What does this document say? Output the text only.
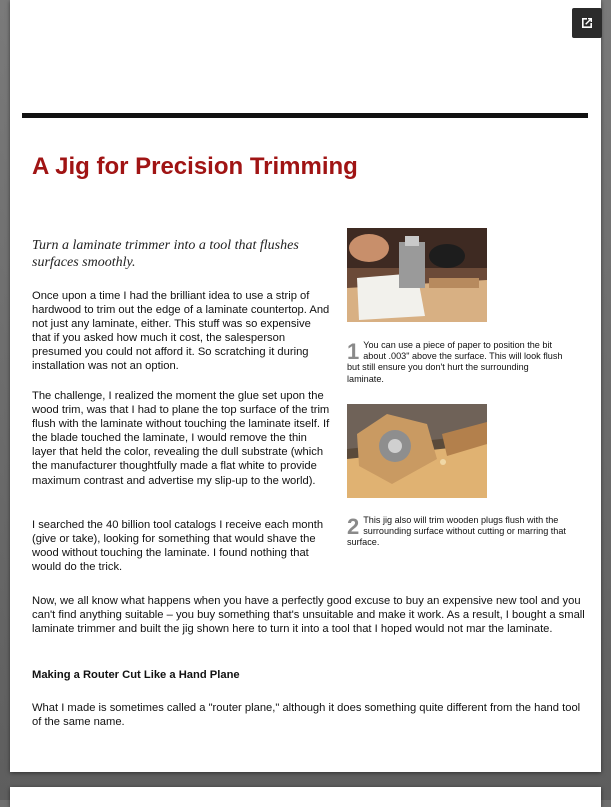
A Jig for Precision Trimming

Turn a laminate trimmer into a tool that flushes surfaces smoothly.

Once upon a time I had the brilliant idea to use a strip of hardwood to trim out the edge of a laminate countertop. And not just any laminate, either. This stuff was so expensive that if you asked how much it cost, the salesperson presumed you could not afford it. So scratching it during installation was not an option.

The challenge, I realized the moment the glue set upon the wood trim, was that I had to plane the top surface of the trim flush with the laminate without touching the laminate itself. If the blade touched the laminate, I would remove the thin layer that held the color, revealing the dull substrate (which the manufacturer thoughtfully made a flat white to provide maximum contrast and advertise my slip-up to the world).

I searched the 40 billion tool catalogs I receive each month (give or take), looking for something that would shave the wood without touching the laminate. I found nothing that would do the trick.

Now, we all know what happens when you have a perfectly good excuse to buy an expensive new tool and you can't find anything suitable – you buy something that's unsuitable and make it work. As a result, I bought a small laminate trimmer and built the jig shown here to turn it into a tool that I hoped would not mar the laminate.

Making a Router Cut Like a Hand Plane

What I made is sometimes called a "router plane," although it does something quite different from the hand tool of the same name.

1 You can use a piece of paper to position the bit about .003" above the surface. This will look flush but still ensure you don't hurt the surrounding laminate.
2 This jig also will trim wooden plugs flush with the surrounding surface without cutting or marring that surface.
